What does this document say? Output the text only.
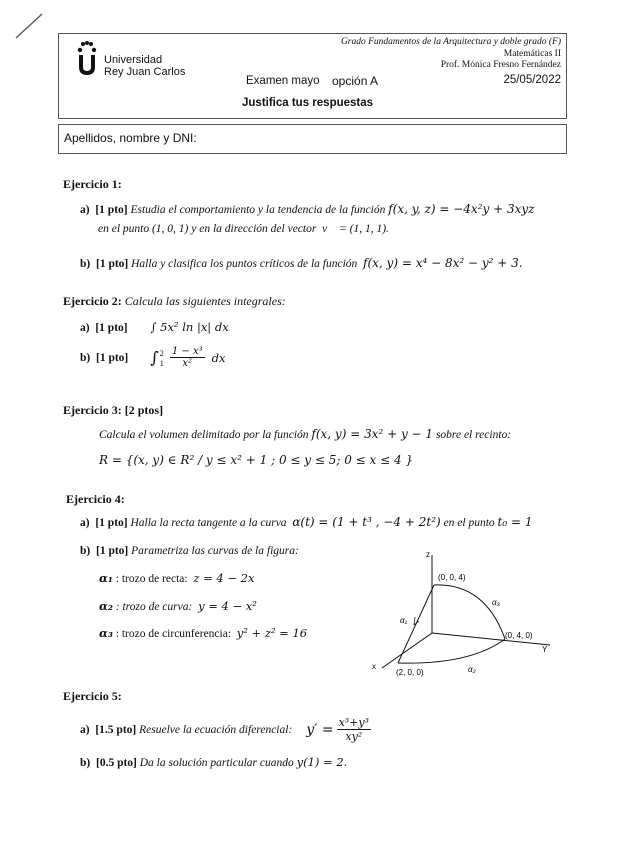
Universidad
Rey Juan Carlos
Grado Fundamentos de la Arquitectura y doble grado (F)
Matemáticas II
Prof. Mónica Fresno Fernández
Examen mayo opción A	25/05/2022
Justifica tus respuestas
Apellidos, nombre y DNI:
Ejercicio 1:
a) [1 pto] Estudia el comportamiento y la tendencia de la función f(x, y, z) = −4x²y + 3xyz
en el punto (1, 0, 1) y en la dirección del vector v⃗ = (1, 1, 1).
b) [1 pto] Halla y clasifica los puntos críticos de la función f(x, y) = x⁴ − 8x² − y² + 3.
Ejercicio 2: Calcula las siguientes integrales:
a) [1 pto] ∫ 5x² ln |x| dx
b)
[1 pto] ∫ 2
$1 \frac{\text{1 − x³}}{\text{x²}}$ dx
Ejercicio 3: [2 ptos]
Calcula el volumen delimitado por la función f(x, y) = 3x² + y − 1 sobre el recinto:
R = {(x, y) ∈ R² / y ≤ x² + 1 ; 0 ≤ y ≤ 5; 0 ≤ x ≤ 4 }
Ejercicio 4:
a) [1 pto] Halla la recta tangente a la curva α(t) = (1 + t³ , −4 + 2t²) en el punto t₀ = 1
b) [1 pto] Parametriza las curvas de la figura:
α₁ : trozo de recta: z = 4 − 2x
α₂ : trozo de curva: y = 4 − x²
α₃ : trozo de circunferencia: y² + z² = 16
z
Y
x
(0, 0, 4)
(0, 4, 0)
(2, 0, 0)
α₁
α₂
α₃
Ejercicio 5:
a)
[1.5 pto]
Resuelve la ecuación diferencial: $y' = \frac{\text{x³+y³}}{\text{xy²}}$
b) [0.5 pto] Da la solución particular cuando y(1) = 2.
